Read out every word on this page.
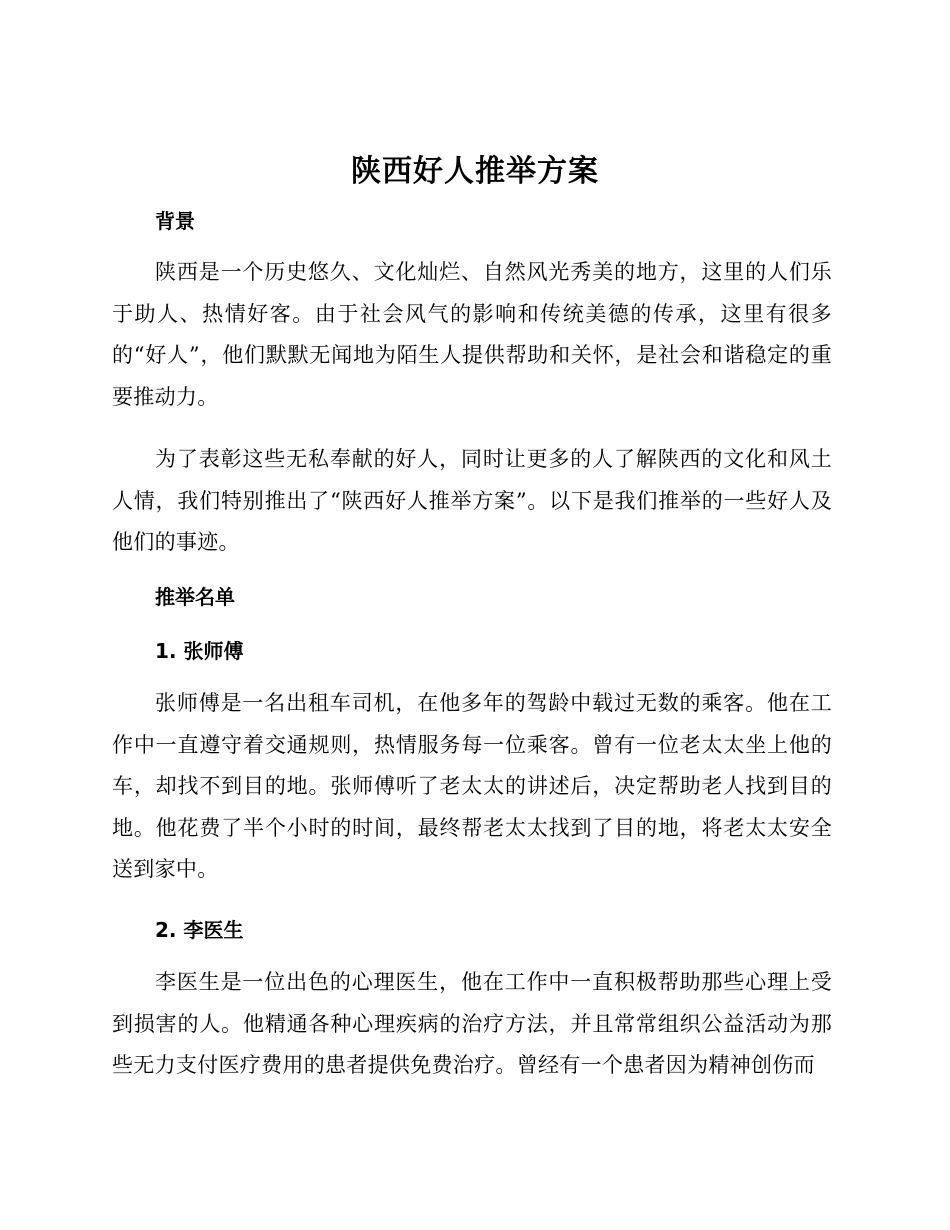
陕西好人推举方案
背景

陕西是一个历史悠久、文化灿烂、自然风光秀美的地方，这里的人们乐于助人、热情好客。由于社会风气的影响和传统美德的传承，这里有很多的“好人”，他们默默无闻地为陌生人提供帮助和关怀，是社会和谐稳定的重要推动力。

为了表彰这些无私奉献的好人，同时让更多的人了解陕西的文化和风土人情，我们特别推出了“陕西好人推举方案”。以下是我们推举的一些好人及他们的事迹。

推举名单
1. 张师傅

张师傅是一名出租车司机，在他多年的驾龄中载过无数的乘客。他在工作中一直遵守着交通规则，热情服务每一位乘客。曾有一位老太太坐上他的车，却找不到目的地。张师傅听了老太太的讲述后，决定帮助老人找到目的地。他花费了半个小时的时间，最终帮老太太找到了目的地，将老太太安全送到家中。

2. 李医生

李医生是一位出色的心理医生，他在工作中一直积极帮助那些心理上受到损害的人。他精通各种心理疾病的治疗方法，并且常常组织公益活动为那些无力支付医疗费用的患者提供免费治疗。曾经有一个患者因为精神创伤而
